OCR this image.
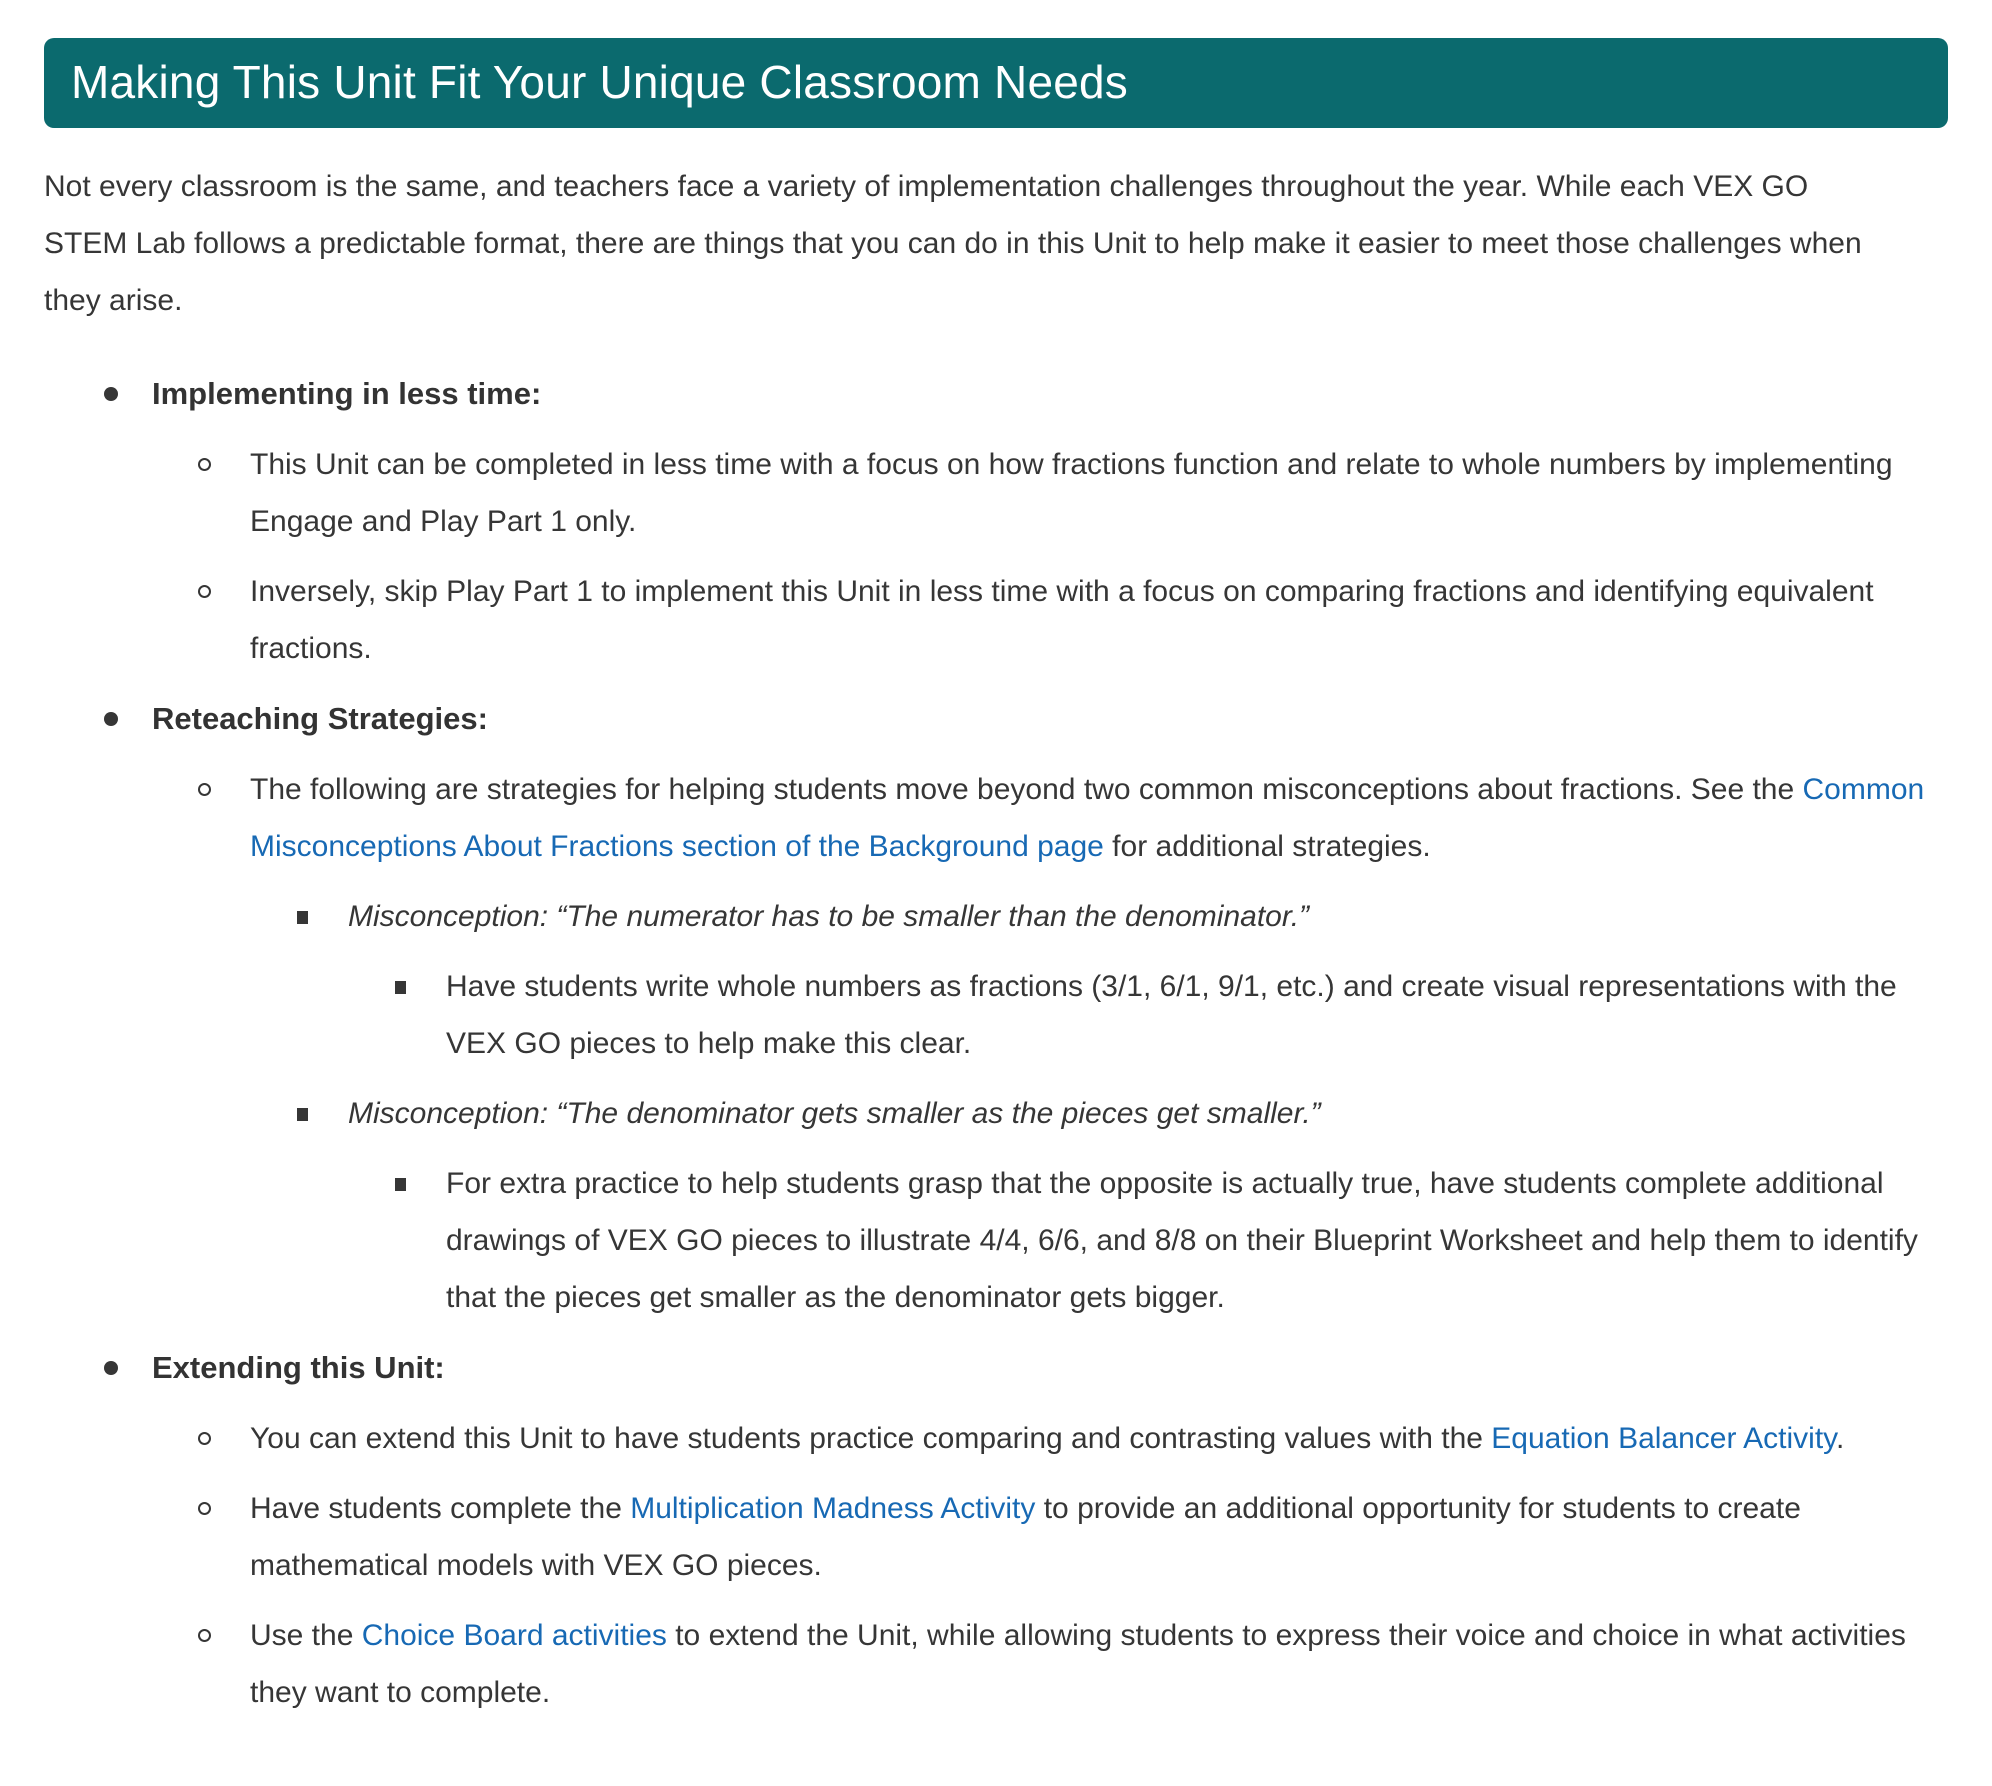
Making This Unit Fit Your Unique Classroom Needs

Not every classroom is the same, and teachers face a variety of implementation challenges throughout the year. While each VEX GO STEM Lab follows a predictable format, there are things that you can do in this Unit to help make it easier to meet those challenges when they arise.

Implementing in less time:
This Unit can be completed in less time with a focus on how fractions function and relate to whole numbers by implementing Engage and Play Part 1 only.
Inversely, skip Play Part 1 to implement this Unit in less time with a focus on comparing fractions and identifying equivalent fractions.
Reteaching Strategies:
The following are strategies for helping students move beyond two common misconceptions about fractions. See the Common Misconceptions About Fractions section of the Background page for additional strategies.
Misconception: “The numerator has to be smaller than the denominator.”
Have students write whole numbers as fractions (3/1, 6/1, 9/1, etc.) and create visual representations with the VEX GO pieces to help make this clear.
Misconception: “The denominator gets smaller as the pieces get smaller.”
For extra practice to help students grasp that the opposite is actually true, have students complete additional drawings of VEX GO pieces to illustrate 4/4, 6/6, and 8/8 on their Blueprint Worksheet and help them to identify that the pieces get smaller as the denominator gets bigger.
Extending this Unit:
You can extend this Unit to have students practice comparing and contrasting values with the Equation Balancer Activity.
Have students complete the Multiplication Madness Activity to provide an additional opportunity for students to create mathematical models with VEX GO pieces.
Use the Choice Board activities to extend the Unit, while allowing students to express their voice and choice in what activities they want to complete.
